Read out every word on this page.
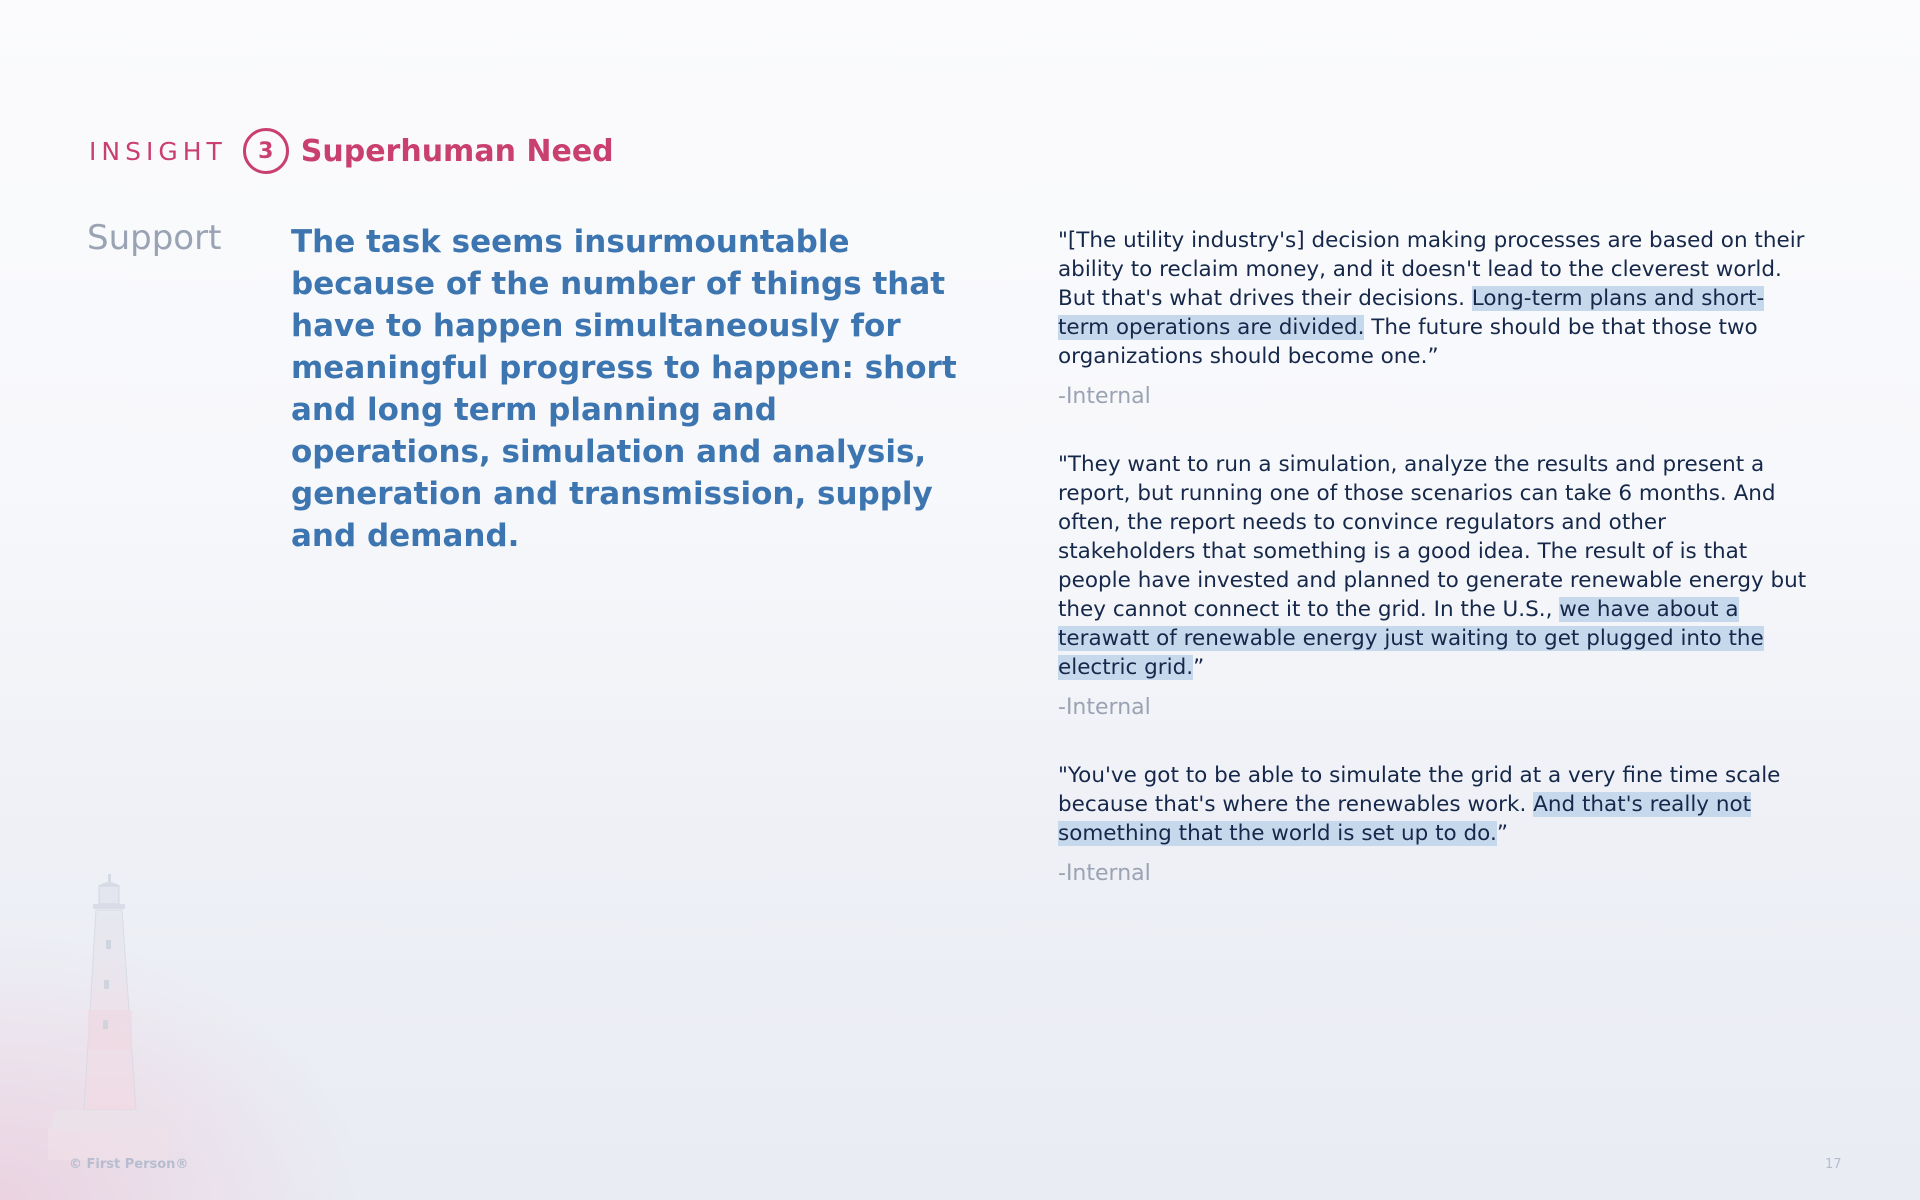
INSIGHT	3 Superhuman Need
Support The task seems insurmountable because of the number of things that have to happen simultaneously for meaningful progress to happen: short and long term planning and operations, simulation and analysis, generation and transmission, supply and demand.

"[The utility industry's] decision making processes are based on their ability to reclaim money, and it doesn't lead to the cleverest world. But that's what drives their decisions. Long-term plans and short-term operations are divided. The future should be that those two organizations should become one.”

-Internal

"They want to run a simulation, analyze the results and present a report, but running one of those scenarios can take 6 months. And often, the report needs to convince regulators and other stakeholders that something is a good idea. The result of is that people have invested and planned to generate renewable energy but they cannot connect it to the grid. In the U.S., we have about a terawatt of renewable energy just waiting to get plugged into the electric grid.”

-Internal

"You've got to be able to simulate the grid at a very fine time scale because that's where the renewables work. And that's really not something that the world is set up to do.”

-Internal

© First Person®	17
